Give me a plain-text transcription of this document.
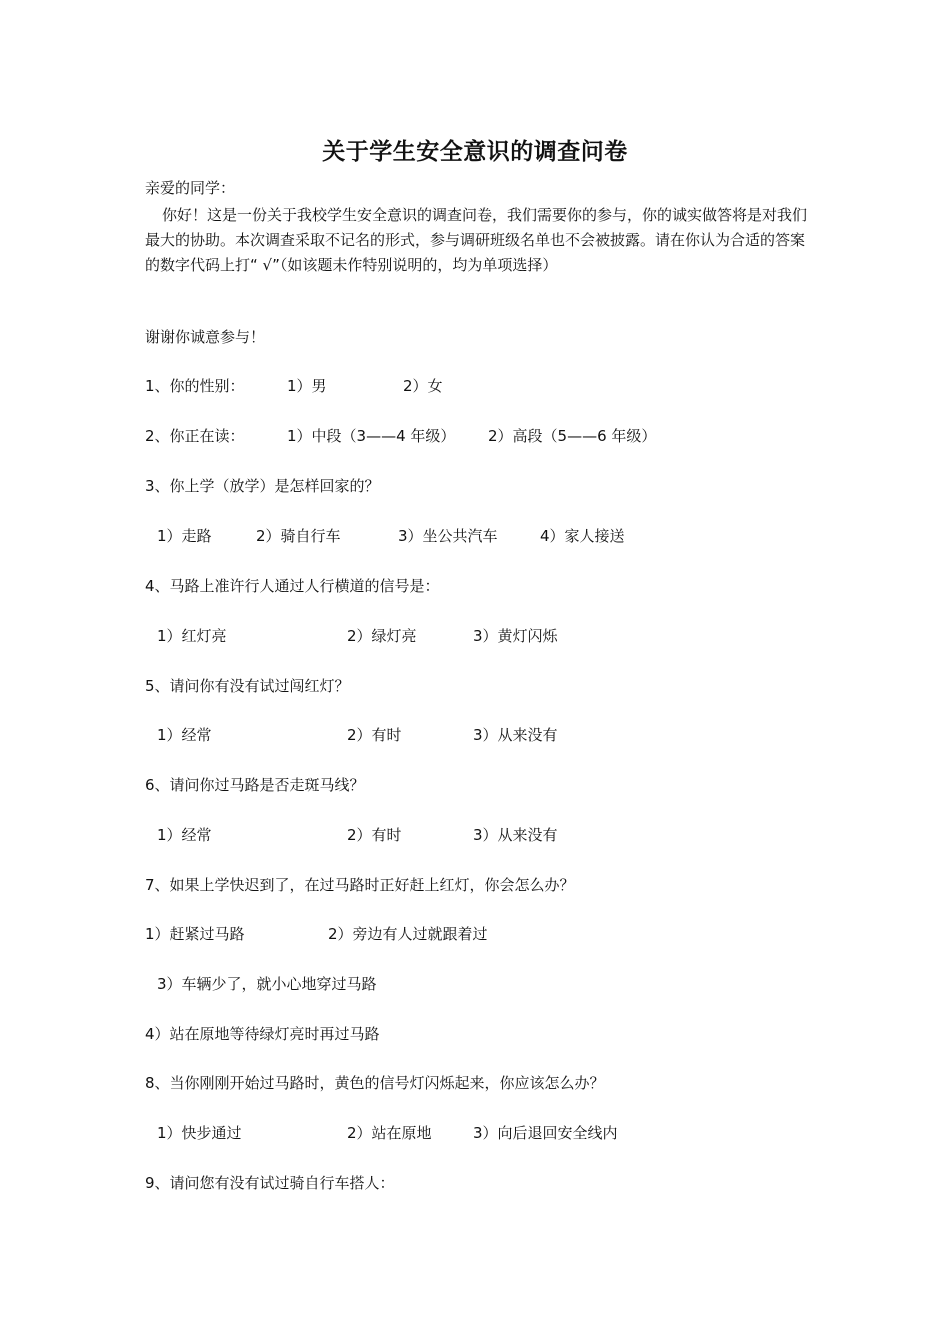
关于学生安全意识的调查问卷
亲爱的同学：
你好！这是一份关于我校学生安全意识的调查问卷，我们需要你的参与，你的诚实做答将是对我们最大的协助。本次调查采取不记名的形式，参与调研班级名单也不会被披露。请在你认为合适的答案的数字代码上打“ √”（如该题未作特别说明的，均为单项选择）
谢谢你诚意参与！
1、你的性别：	1）男	2）女
2、你正在读：	1）中段（3——4 年级） 2）高段（5——6 年级）
3、你上学（放学）是怎样回家的？
1）走路	2）骑自行车	3）坐公共汽车	4）家人接送
4、马路上准许行人通过人行横道的信号是：
1）红灯亮	2）绿灯亮	3）黄灯闪烁
5、请问你有没有试过闯红灯？
1）经常	2）有时	3）从来没有
6、请问你过马路是否走斑马线？
1）经常	2）有时	3）从来没有
7、如果上学快迟到了，在过马路时正好赶上红灯，你会怎么办？
1）赶紧过马路	2）旁边有人过就跟着过
3）车辆少了，就小心地穿过马路
4）站在原地等待绿灯亮时再过马路
8、当你刚刚开始过马路时，黄色的信号灯闪烁起来，你应该怎么办？
1）快步通过	2）站在原地	3）向后退回安全线内
9、请问您有没有试过骑自行车搭人：
